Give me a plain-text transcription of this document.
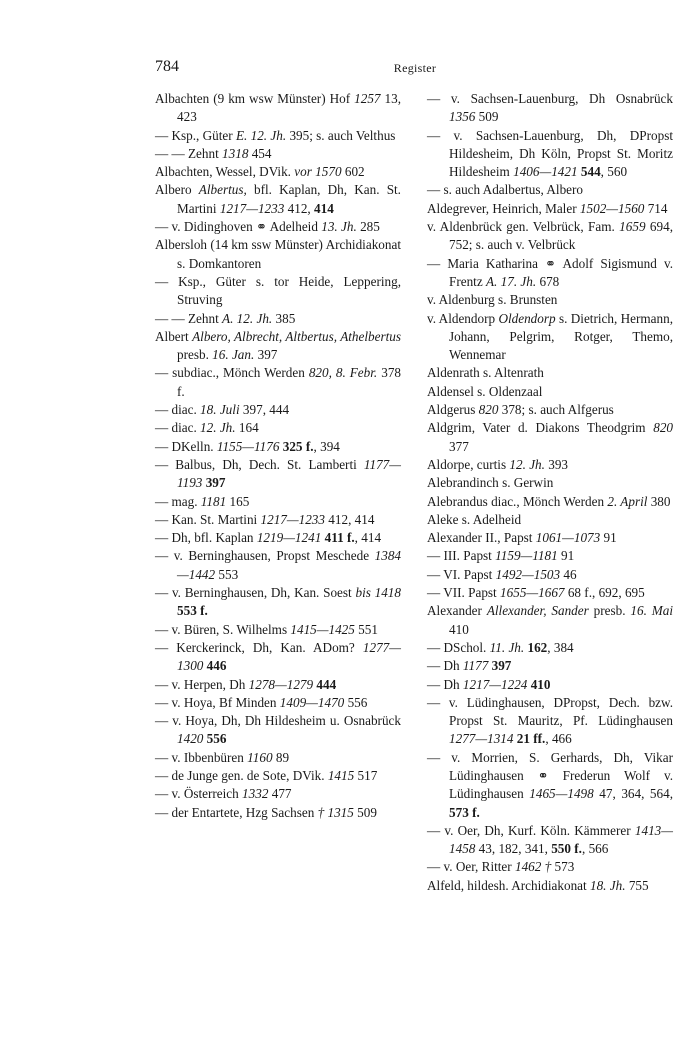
784	Register

Albachten (9 km wsw Münster) Hof 1257 13, 423

— Ksp., Güter E. 12. Jh. 395; s. auch Velthus

— — Zehnt 1318 454

Albachten, Wessel, DVik. vor 1570 602

Albero Albertus, bfl. Kaplan, Dh, Kan. St. Martini 1217—1233 412, 414

— v. Didinghoven ⚭ Adelheid 13. Jh. 285

Albersloh (14 km ssw Münster) Archidiakonat s. Domkantoren

— Ksp., Güter s. tor Heide, Leppering, Struving

— — Zehnt A. 12. Jh. 385

Albert Albero, Albrecht, Altbertus, Athelbertus presb. 16. Jan. 397

— subdiac., Mönch Werden 820, 8. Febr. 378 f.

— diac. 18. Juli 397, 444

— diac. 12. Jh. 164

— DKelln. 1155—1176 325 f., 394

— Balbus, Dh, Dech. St. Lamberti 1177—1193 397

— mag. 1181 165

— Kan. St. Martini 1217—1233 412, 414

— Dh, bfl. Kaplan 1219—1241 411 f., 414

— v. Berninghausen, Propst Meschede 1384—1442 553

— v. Berninghausen, Dh, Kan. Soest bis 1418 553 f.

— v. Büren, S. Wilhelms 1415—1425 551

— Kerckerinck, Dh, Kan. ADom? 1277—1300 446

— v. Herpen, Dh 1278—1279 444

— v. Hoya, Bf Minden 1409—1470 556

— v. Hoya, Dh, Dh Hildesheim u. Osnabrück 1420 556

— v. Ibbenbüren 1160 89

— de Junge gen. de Sote, DVik. 1415 517

— v. Österreich 1332 477

— der Entartete, Hzg Sachsen † 1315 509

— v. Sachsen-Lauenburg, Dh Osnabrück 1356 509

— v. Sachsen-Lauenburg, Dh, DPropst Hildesheim, Dh Köln, Propst St. Moritz Hildesheim 1406—1421 544, 560

— s. auch Adalbertus, Albero

Aldegrever, Heinrich, Maler 1502—1560 714

v. Aldenbrück gen. Velbrück, Fam. 1659 694, 752; s. auch v. Velbrück

— Maria Katharina ⚭ Adolf Sigismund v. Frentz A. 17. Jh. 678

v. Aldenburg s. Brunsten

v. Aldendorp Oldendorp s. Dietrich, Hermann, Johann, Pelgrim, Rotger, Themo, Wennemar

Aldenrath s. Altenrath

Aldensel s. Oldenzaal

Aldgerus 820 378; s. auch Alfgerus

Aldgrim, Vater d. Diakons Theodgrim 820 377

Aldorpe, curtis 12. Jh. 393

Alebrandinch s. Gerwin

Alebrandus diac., Mönch Werden 2. April 380

Aleke s. Adelheid

Alexander II., Papst 1061—1073 91

— III. Papst 1159—1181 91

— VI. Papst 1492—1503 46

— VII. Papst 1655—1667 68 f., 692, 695

Alexander Allexander, Sander presb. 16. Mai 410

— DSchol. 11. Jh. 162, 384

— Dh 1177 397

— Dh 1217—1224 410

— v. Lüdinghausen, DPropst, Dech. bzw. Propst St. Mauritz, Pf. Lüdinghausen 1277—1314 21 ff., 466

— v. Morrien, S. Gerhards, Dh, Vikar Lüdinghausen ⚭ Frederun Wolf v. Lüdinghausen 1465—1498 47, 364, 564, 573 f.

— v. Oer, Dh, Kurf. Köln. Kämmerer 1413—1458 43, 182, 341, 550 f., 566

— v. Oer, Ritter 1462 † 573

Alfeld, hildesh. Archidiakonat 18. Jh. 755
